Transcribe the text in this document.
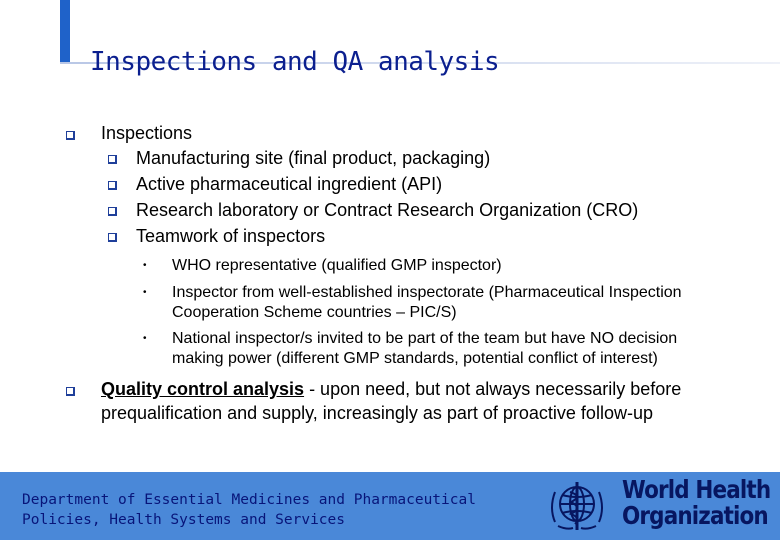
Inspections and QA analysis
Inspections
Manufacturing site (final product, packaging)
Active pharmaceutical ingredient (API)
Research laboratory or Contract Research Organization (CRO)
Teamwork of inspectors
• WHO representative (qualified GMP inspector)
• Inspector from well-established inspectorate (Pharmaceutical Inspection
Cooperation Scheme countries – PIC/S)
• National inspector/s invited to be part of the team but have NO decision
making power (different GMP standards, potential conflict of interest)
Quality control analysis - upon need, but not always necessarily before
prequalification and supply, increasingly as part of proactive follow-up
Department of Essential Medicines and Pharmaceutical
Policies, Health Systems and Services
World Health
Organization
